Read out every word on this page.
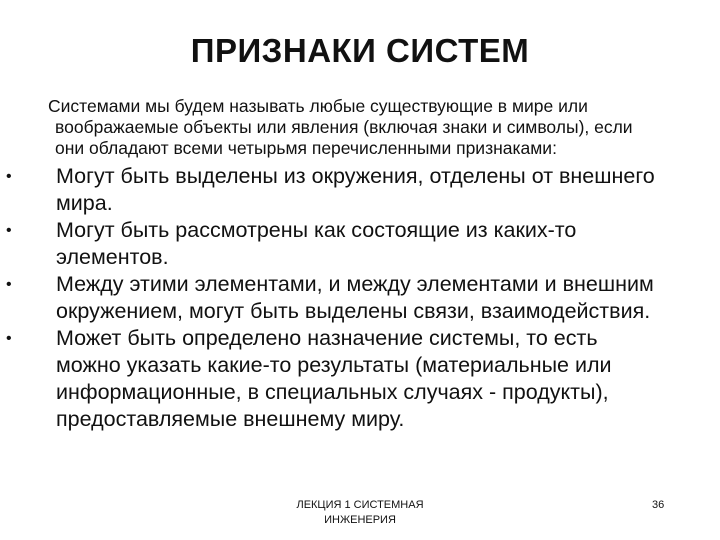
ПРИЗНАКИ СИСТЕМ
Системами мы будем называть любые существующие в мире или
воображаемые объекты или явления (включая знаки и символы), если
они обладают всеми четырьмя перечисленными признаками:
• Могут быть выделены из окружения, отделены от внешнего
мира.
• Могут быть рассмотрены как состоящие из каких-то
элементов.
• Между этими элементами, и между элементами и внешним
окружением, могут быть выделены связи, взаимодействия.
• Может быть определено назначение системы, то есть
можно указать какие-то результаты (материальные или
информационные, в специальных случаях - продукты),
предоставляемые внешнему миру.
ЛЕКЦИЯ 1 СИСТЕМНАЯ
ИНЖЕНЕРИЯ
36
